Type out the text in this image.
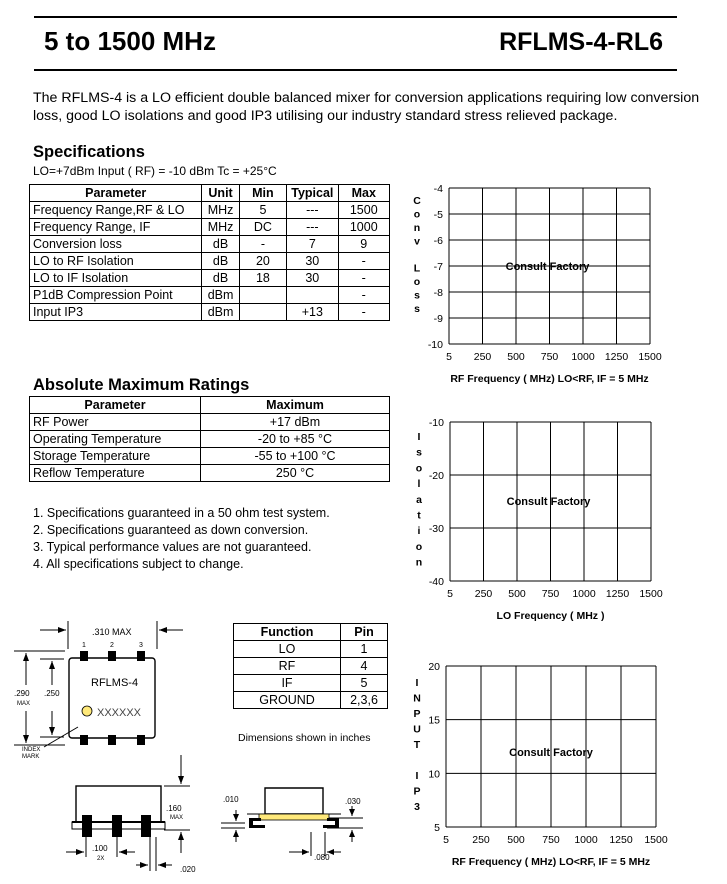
5 to 1500 MHz	RFLMS-4-RL6
The RFLMS-4 is a LO efficient double balanced mixer for conversion applications requiring low conversion loss, good LO isolations and good IP3 utilising our industry standard stress relieved package.
Specifications
LO=+7dBm Input ( RF) = -10 dBm Tc = +25°C
Parameter	Unit	Min	Typical	Max
Frequency Range,RF & LO	MHz	5	---	1500
Frequency Range, IF	MHz	DC	---	1000
Conversion loss	dB	-	7	9
LO to RF Isolation	dB	20	30	-
LO to IF Isolation	dB	18	30	-
P1dB Compression Point	dBm			-
Input IP3	dBm		+13	-
Absolute Maximum Ratings
Parameter	Maximum
RF Power	+17 dBm
Operating Temperature	-20 to +85 °C
Storage Temperature	-55 to +100 °C
Reflow Temperature	250 °C
1. Specifications guaranteed in a 50 ohm test system.
2. Specifications guaranteed as down conversion.
3. Typical performance values are not guaranteed.
4. All specifications subject to change.
Function	Pin
LO	1
RF	4
IF	5
GROUND	2,3,6
Dimensions shown in inches
.310 MAX
1	2	3
6	5	4
RFLMS-4
XXXXXX
.290
MAX
.250
INDEX
MARK
.160
MAX
.100
2X
.020
.010	.030
.080
5 250 500 750 1000 1250 1500
-4
-5
-6
-7
-8
-9
-10
Consult Factory
RF Frequency ( MHz) LO<RF, IF = 5 MHz
C
o
n
v
L
o
s
s
5 250 500 750 1000 1250 1500
-10
-20
-30
-40
Consult Factory
LO Frequency ( MHz )
I
s
o
l
a
t
i
o
n
5 250 500 750 1000 1250 1500
20
15
10
5
Consult Factory
RF Frequency ( MHz) LO<RF, IF = 5 MHz
I
N
P
U
T
I
P
3
